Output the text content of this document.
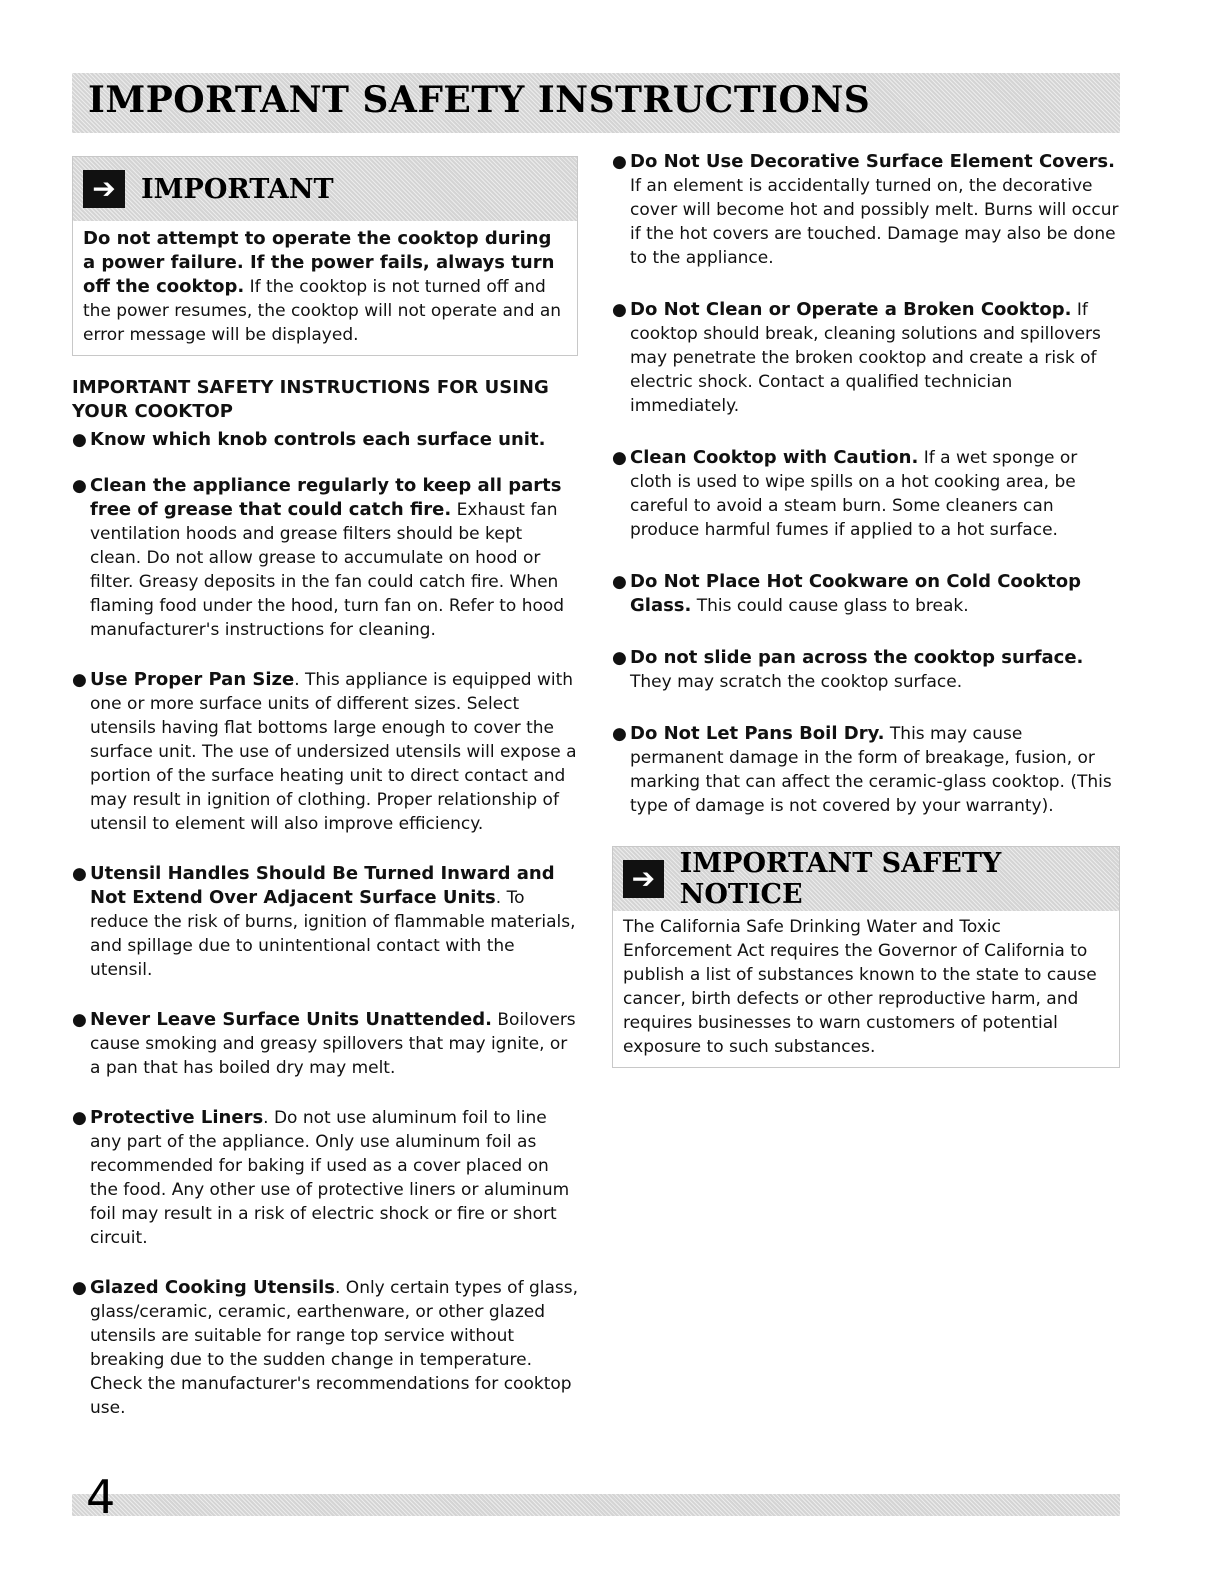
IMPORTANT SAFETY INSTRUCTIONS
➔ IMPORTANT
Do not attempt to operate the cooktop during a power failure. If the power fails, always turn off the cooktop. If the cooktop is not turned off and the power resumes, the cooktop will not operate and an error message will be displayed.
IMPORTANT SAFETY INSTRUCTIONS FOR USING YOUR COOKTOP
● Know which knob controls each surface unit.
● Clean the appliance regularly to keep all parts free of grease that could catch fire. Exhaust fan ventilation hoods and grease filters should be kept clean. Do not allow grease to accumulate on hood or filter. Greasy deposits in the fan could catch fire. When flaming food under the hood, turn fan on. Refer to hood manufacturer's instructions for cleaning.
● Use Proper Pan Size. This appliance is equipped with one or more surface units of different sizes. Select utensils having flat bottoms large enough to cover the surface unit. The use of undersized utensils will expose a portion of the surface heating unit to direct contact and may result in ignition of clothing. Proper relationship of utensil to element will also improve efficiency.
● Utensil Handles Should Be Turned Inward and Not Extend Over Adjacent Surface Units. To reduce the risk of burns, ignition of flammable materials, and spillage due to unintentional contact with the utensil.
● Never Leave Surface Units Unattended. Boilovers cause smoking and greasy spillovers that may ignite, or a pan that has boiled dry may melt.
● Protective Liners. Do not use aluminum foil to line any part of the appliance. Only use aluminum foil as recommended for baking if used as a cover placed on the food. Any other use of protective liners or aluminum foil may result in a risk of electric shock or fire or short circuit.
● Glazed Cooking Utensils. Only certain types of glass, glass/ceramic, ceramic, earthenware, or other glazed utensils are suitable for range top service without breaking due to the sudden change in temperature. Check the manufacturer's recommendations for cooktop use.
● Do Not Use Decorative Surface Element Covers. If an element is accidentally turned on, the decorative cover will become hot and possibly melt. Burns will occur if the hot covers are touched. Damage may also be done to the appliance.
● Do Not Clean or Operate a Broken Cooktop. If cooktop should break, cleaning solutions and spillovers may penetrate the broken cooktop and create a risk of electric shock. Contact a qualified technician immediately.
● Clean Cooktop with Caution. If a wet sponge or cloth is used to wipe spills on a hot cooking area, be careful to avoid a steam burn. Some cleaners can produce harmful fumes if applied to a hot surface.
● Do Not Place Hot Cookware on Cold Cooktop Glass. This could cause glass to break.
● Do not slide pan across the cooktop surface. They may scratch the cooktop surface.
● Do Not Let Pans Boil Dry. This may cause permanent damage in the form of breakage, fusion, or marking that can affect the ceramic-glass cooktop. (This type of damage is not covered by your warranty).
➔ IMPORTANT SAFETY NOTICE
The California Safe Drinking Water and Toxic Enforcement Act requires the Governor of California to publish a list of substances known to the state to cause cancer, birth defects or other reproductive harm, and requires businesses to warn customers of potential exposure to such substances.
4
